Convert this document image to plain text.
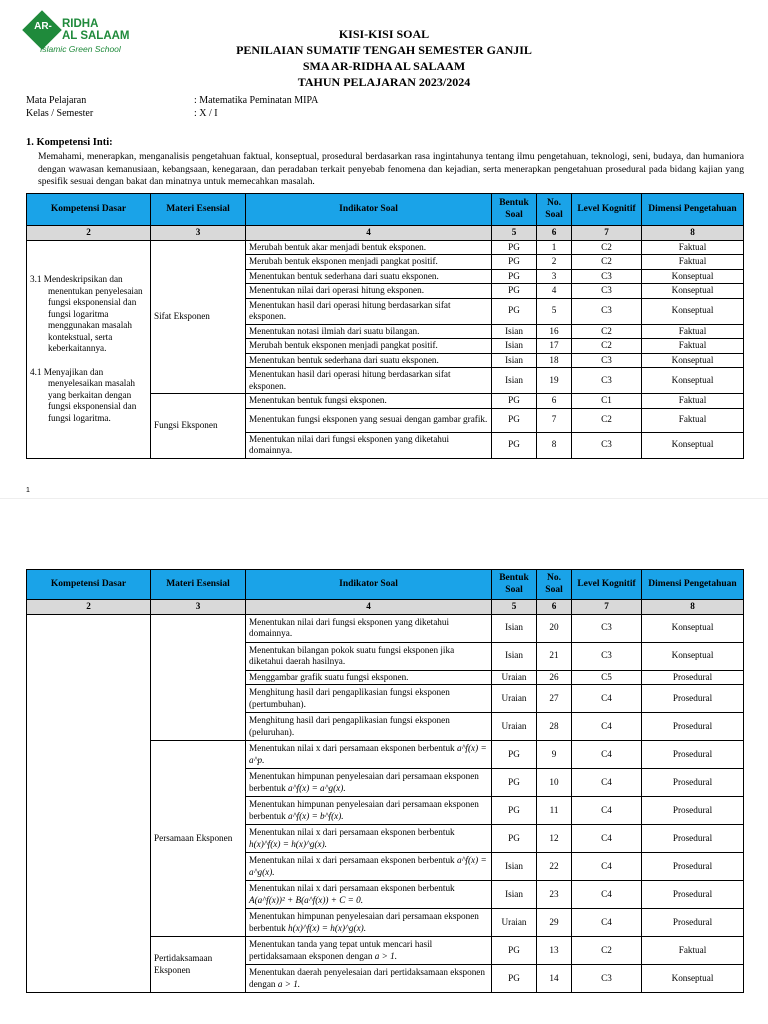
AR- RIDHA
AL SALAAM
Islamic Green School
KISI-KISI SOAL
PENILAIAN SUMATIF TENGAH SEMESTER GANJIL
SMA AR-RIDHA AL SALAAM
TAHUN PELAJARAN 2023/2024
Mata Pelajaran	: Matematika Peminatan MIPA
Kelas / Semester	: X / I
1. Kompetensi Inti:
Memahami, menerapkan, menganalisis pengetahuan faktual, konseptual, prosedural berdasarkan rasa ingintahunya tentang ilmu pengetahuan, teknologi, seni, budaya, dan humaniora dengan wawasan kemanusiaan, kebangsaan, kenegaraan, dan peradaban terkait penyebab fenomena dan kejadian, serta menerapkan pengetahuan prosedural pada bidang kajian yang spesifik sesuai dengan bakat dan minatnya untuk memecahkan masalah.
Kompetensi Dasar	Materi Esensial	Indikator Soal	Bentuk Soal	No. Soal	Level Kognitif	Dimensi Pengetahuan
2	3	4	5	6	7	8

3.1 Mendeskripsikan dan menentukan penyelesaian fungsi eksponensial dan fungsi logaritma menggunakan masalah kontekstual, serta keberkaitannya.
4.1 Menyajikan dan menyelesaikan masalah yang berkaitan dengan fungsi eksponensial dan fungsi logaritma.	Sifat Eksponen	Merubah bentuk akar menjadi bentuk eksponen.	PG	1	C2	Faktual
		Merubah bentuk eksponen menjadi pangkat positif.	PG	2	C2	Faktual
		Menentukan bentuk sederhana dari suatu eksponen.	PG	3	C3	Konseptual
		Menentukan nilai dari operasi hitung eksponen.	PG	4	C3	Konseptual
		Menentukan hasil dari operasi hitung berdasarkan sifat eksponen.	PG	5	C3	Konseptual
		Menentukan notasi ilmiah dari suatu bilangan.	Isian	16	C2	Faktual
		Merubah bentuk eksponen menjadi pangkat positif.	Isian	17	C2	Faktual
		Menentukan bentuk sederhana dari suatu eksponen.	Isian	18	C3	Konseptual
		Menentukan hasil dari operasi hitung berdasarkan sifat eksponen.	Isian	19	C3	Konseptual
	Fungsi Eksponen	Menentukan bentuk fungsi eksponen.	PG	6	C1	Faktual
		Menentukan fungsi eksponen yang sesuai dengan gambar grafik.	PG	7	C2	Faktual
		Menentukan nilai dari fungsi eksponen yang diketahui domainnya.	PG	8	C3	Konseptual
1
Kompetensi Dasar	Materi Esensial	Indikator Soal	Bentuk Soal	No. Soal	Level Kognitif	Dimensi Pengetahuan
2	3	4	5	6	7	8
		Menentukan nilai dari fungsi eksponen yang diketahui domainnya.	Isian	20	C3	Konseptual
		Menentukan bilangan pokok suatu fungsi eksponen jika diketahui daerah hasilnya.	Isian	21	C3	Konseptual
		Menggambar grafik suatu fungsi eksponen.	Uraian	26	C5	Prosedural
		Menghitung hasil dari pengaplikasian fungsi eksponen (pertumbuhan).	Uraian	27	C4	Prosedural
		Menghitung hasil dari pengaplikasian fungsi eksponen (peluruhan).	Uraian	28	C4	Prosedural
	Persamaan Eksponen	Menentukan nilai x dari persamaan eksponen berbentuk a^f(x) = a^p.	PG	9	C4	Prosedural
		Menentukan himpunan penyelesaian dari persamaan eksponen berbentuk a^f(x) = a^g(x).	PG	10	C4	Prosedural
		Menentukan himpunan penyelesaian dari persamaan eksponen berbentuk a^f(x) = b^f(x).	PG	11	C4	Prosedural
		Menentukan nilai x dari persamaan eksponen berbentuk h(x)^f(x) = h(x)^g(x).	PG	12	C4	Prosedural
		Menentukan nilai x dari persamaan eksponen berbentuk a^f(x) = a^g(x).	Isian	22	C4	Prosedural
		Menentukan nilai x dari persamaan eksponen berbentuk A(a^f(x))² + B(a^f(x)) + C = 0.	Isian	23	C4	Prosedural
		Menentukan himpunan penyelesaian dari persamaan eksponen berbentuk h(x)^f(x) = h(x)^g(x).	Uraian	29	C4	Prosedural
	Pertidaksamaan Eksponen	Menentukan tanda yang tepat untuk mencari hasil pertidaksamaan eksponen dengan a > 1.	PG	13	C2	Faktual
		Menentukan daerah penyelesaian dari pertidaksamaan eksponen dengan a > 1.	PG	14	C3	Konseptual
